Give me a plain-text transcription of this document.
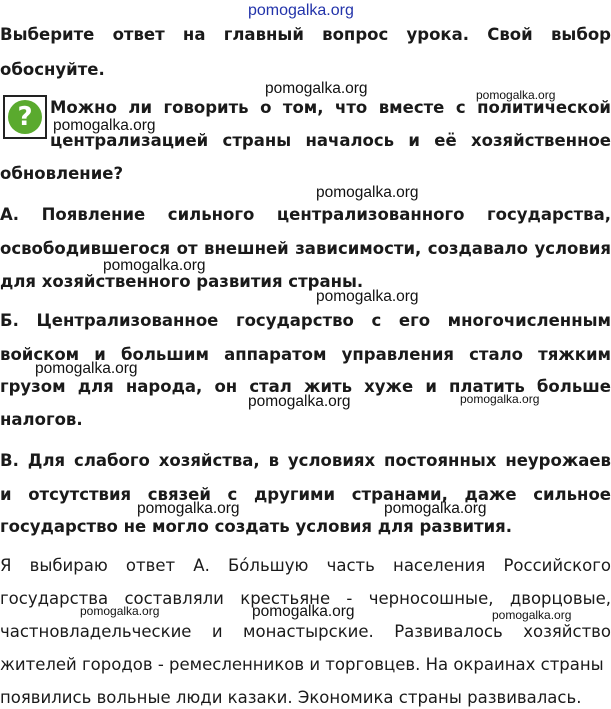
pomogalka.org
Выберите ответ на главный вопрос урока. Свой выбор
обоснуйте.
pomogalka.org	pomogalka.org
?	Можно ли говорить о том, что вместе с политической
pomogalka.org
централизацией страны началось и её хозяйственное
обновление?
pomogalka.org
А. Появление сильного централизованного государства,
освободившегося от внешней зависимости, создавало условия
pomogalka.org
для хозяйственного развития страны.
pomogalka.org
Б. Централизованное государство с его многочисленным
войском и большим аппаратом управления стало тяжким
pomogalka.org
грузом для народа, он стал жить хуже и платить больше
pomogalka.org	pomogalka.org
налогов.
В. Для слабого хозяйства, в условиях постоянных неурожаев
и отсутствия связей с другими странами, даже сильное
pomogalka.org	pomogalka.org
государство не могло создать условия для развития.
Я выбираю ответ А. Бóльшую часть населения Российского
государства составляли крестьяне - черносошные, дворцовые,
pomogalka.org	pomogalka.org	pomogalka.org
частновладельческие и монастырские. Развивалось хозяйство
жителей городов - ремесленников и торговцев. На окраинах страны
появились вольные люди казаки. Экономика страны развивалась.
